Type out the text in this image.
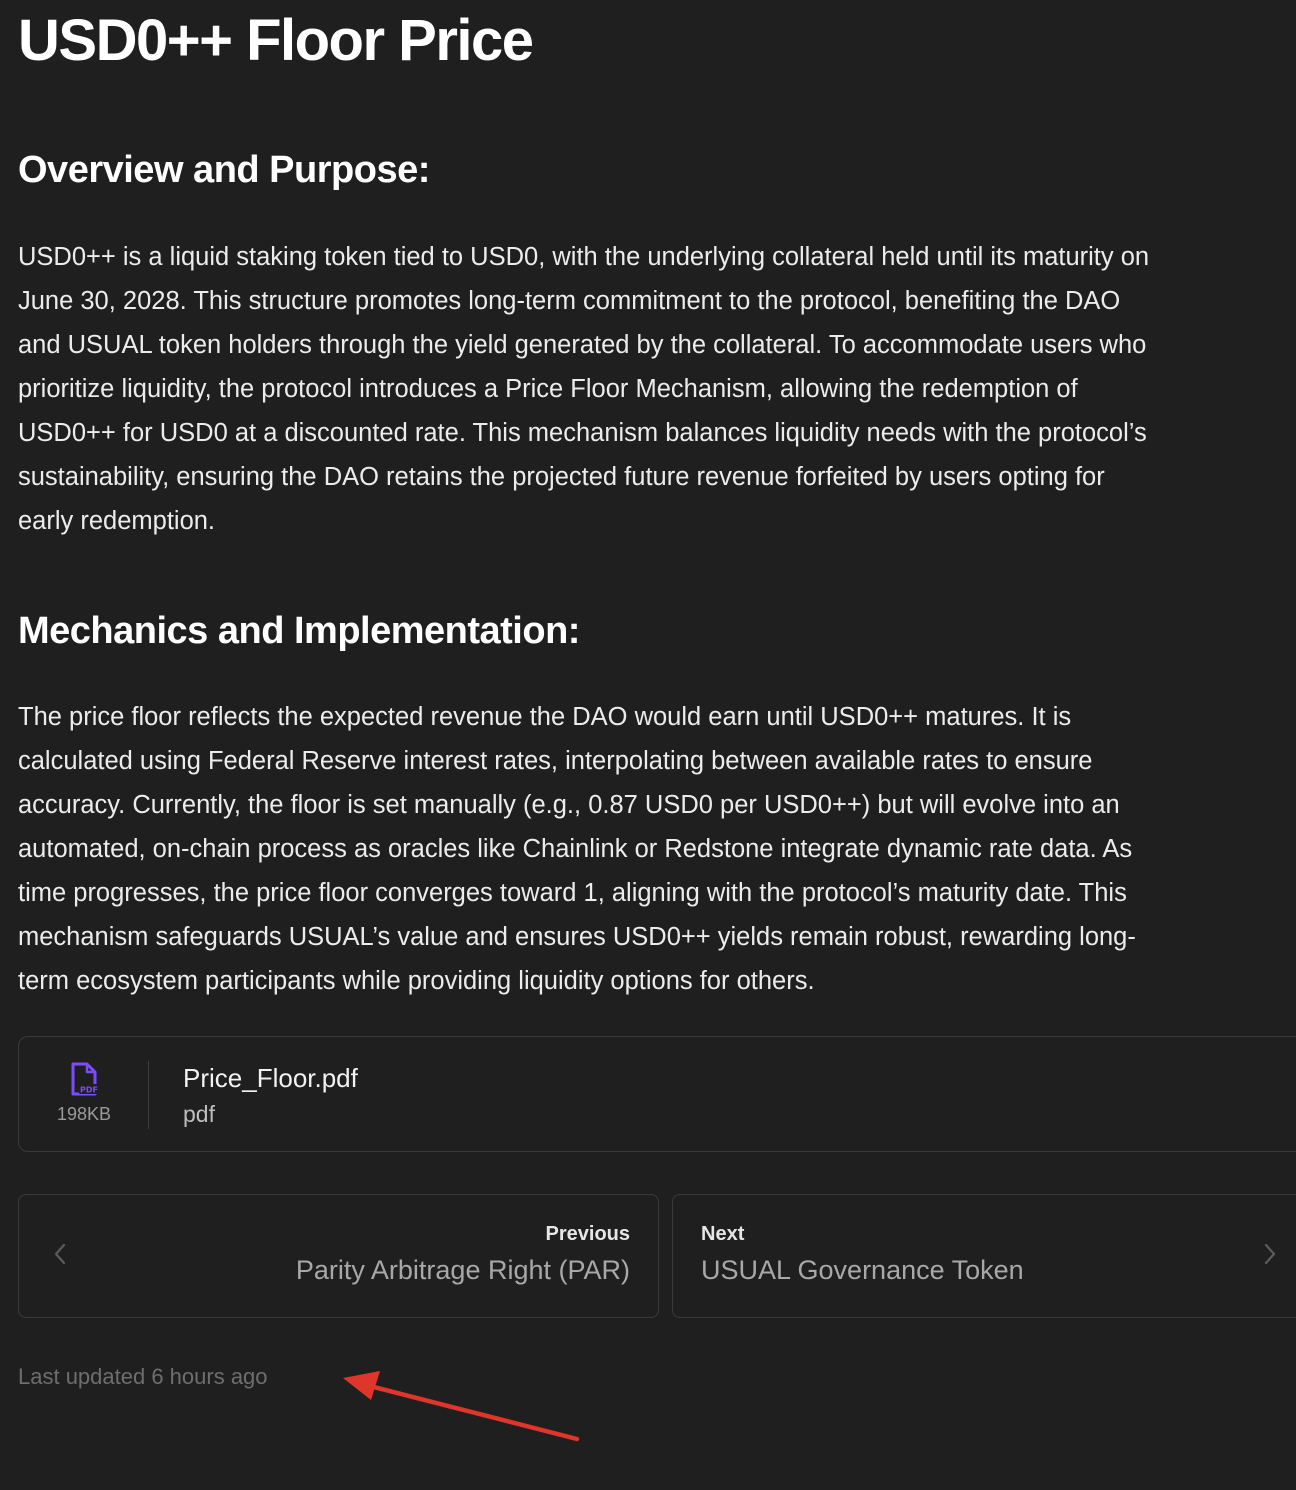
USD0++ Floor Price
Overview and Purpose:

USD0++ is a liquid staking token tied to USD0, with the underlying collateral held until its maturity on
June 30, 2028. This structure promotes long-term commitment to the protocol, benefiting the DAO
and USUAL token holders through the yield generated by the collateral. To accommodate users who
prioritize liquidity, the protocol introduces a Price Floor Mechanism, allowing the redemption of
USD0++ for USD0 at a discounted rate. This mechanism balances liquidity needs with the protocol’s
sustainability, ensuring the DAO retains the projected future revenue forfeited by users opting for
early redemption.

Mechanics and Implementation:

The price floor reflects the expected revenue the DAO would earn until USD0++ matures. It is
calculated using Federal Reserve interest rates, interpolating between available rates to ensure
accuracy. Currently, the floor is set manually (e.g., 0.87 USD0 per USD0++) but will evolve into an
automated, on-chain process as oracles like Chainlink or Redstone integrate dynamic rate data. As
time progresses, the price floor converges toward 1, aligning with the protocol’s maturity date. This
mechanism safeguards USUAL’s value and ensures USD0++ yields remain robust, rewarding long-
term ecosystem participants while providing liquidity options for others.

PDF
198KB
Price_Floor.pdf
pdf
Previous
Parity Arbitrage Right (PAR)
Next
USUAL Governance Token
Last updated 6 hours ago
